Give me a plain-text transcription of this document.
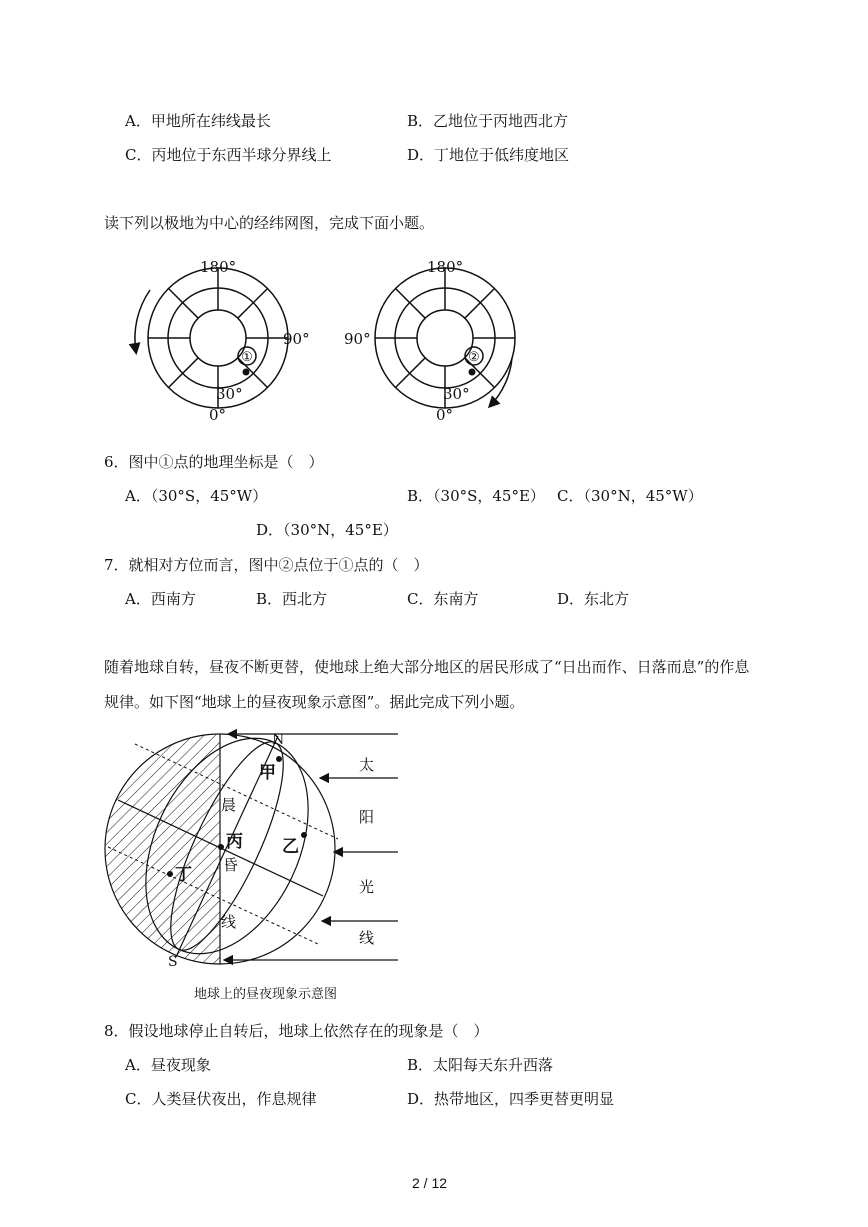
A．甲地所在纬线最长	B．乙地位于丙地西北方
C．丙地位于东西半球分界线上	D．丁地位于低纬度地区
读下列以极地为中心的经纬网图，完成下面小题。
180°
90°
30°
0°
①
180°
90°
30°
0°
②
6．图中①点的地理坐标是（　）
A．（30°S，45°W）	B．（30°S，45°E） C．（30°N，45°W）
D．（30°N，45°E）
7．就相对方位而言，图中②点位于①点的（　）
A．西南方	B．西北方	C．东南方	D．东北方
随着地球自转，昼夜不断更替，使地球上绝大部分地区的居民形成了“日出而作、日落而息”的作息
规律。如下图“地球上的昼夜现象示意图”。据此完成下列小题。
N
S
甲
乙
丙
丁
晨
昏
线
太
阳
光
线
地球上的昼夜现象示意图
8．假设地球停止自转后，地球上依然存在的现象是（　）
A．昼夜现象	B．太阳每天东升西落
C．人类昼伏夜出，作息规律	D．热带地区，四季更替更明显
2 / 12
